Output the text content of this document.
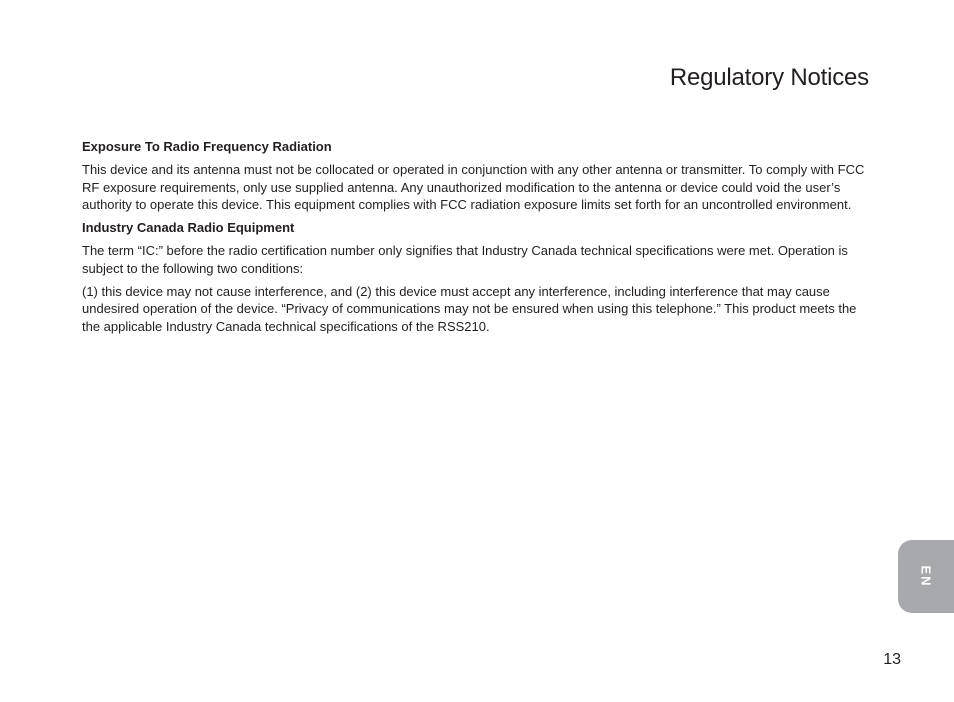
Regulatory Notices

Exposure To Radio Frequency Radiation

This device and its antenna must not be collocated or operated in conjunction with any other antenna or transmitter. To comply with FCC RF exposure requirements, only use supplied antenna. Any unauthorized modification to the antenna or device could void the user’s authority to operate this device. This equipment complies with FCC radiation exposure limits set forth for an uncontrolled environment.

Industry Canada Radio Equipment

The term “IC:” before the radio certification number only signifies that Industry Canada technical specifications were met. Operation is subject to the following two conditions:

(1) this device may not cause interference, and (2) this device must accept any interference, including interference that may cause undesired operation of the device. “Privacy of communications may not be ensured when using this telephone.” This product meets the the applicable Industry Canada technical specifications of the RSS210.

EN
13
